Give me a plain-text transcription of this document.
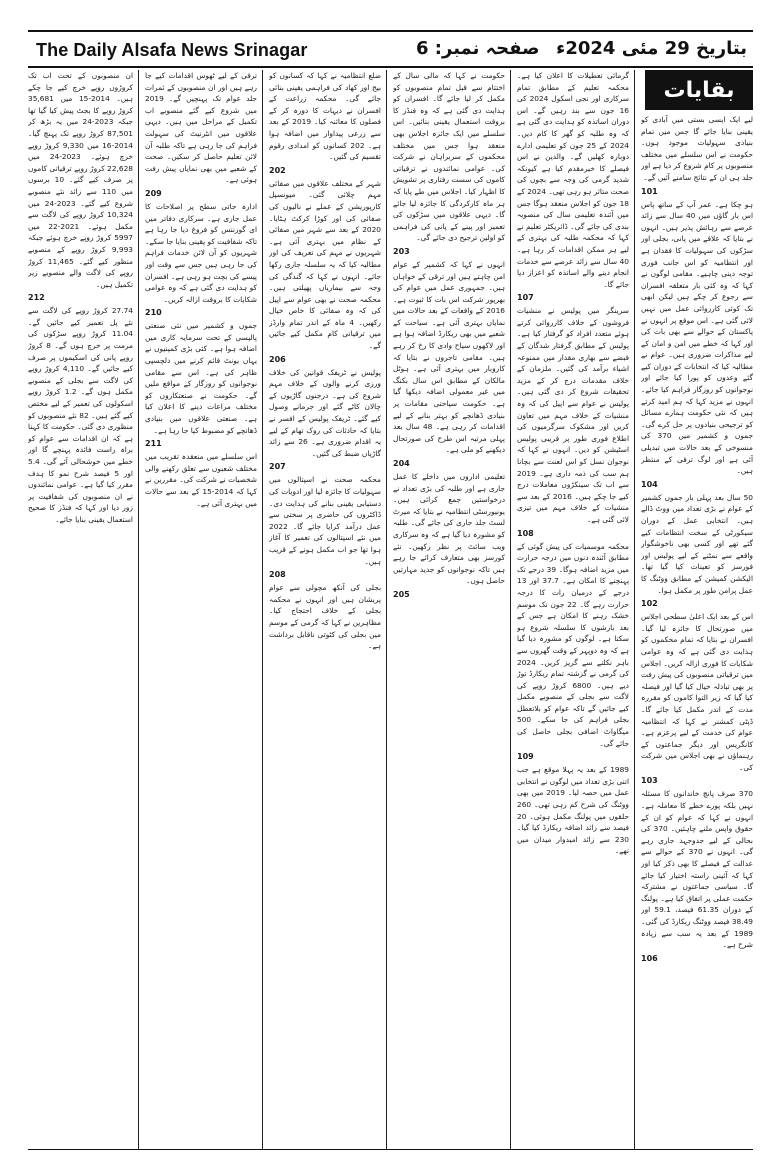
The Daily Alsafa News Srinagar	صفحہ نمبر: 6 بتاریخ 29 مئی 2024ء

لیے ایک ایسی بستی میں آبادی کو یقینی بنایا جائے گا جس میں تمام بنیادی سہولیات موجود ہوں۔ حکومت نے اس سلسلے میں مختلف منصوبوں پر کام شروع کر دیا ہے اور جلد ہی ان کے نتائج سامنے آئیں گے۔

101

ہو چکا ہے۔ عمر آپ کے ساتھ پاس اس بار گاؤں میں 40 سال سے زائد عرصے سے رہائش پذیر ہیں۔ انہوں نے بتایا کہ علاقے میں پانی، بجلی اور سڑکوں کی سہولیات کا فقدان ہے اور انتظامیہ کو اس جانب فوری توجہ دینی چاہیے۔ مقامی لوگوں نے کہا کہ وہ کئی بار متعلقہ افسران سے رجوع کر چکے ہیں لیکن ابھی تک کوئی کارروائی عمل میں نہیں لائی گئی ہے۔ اس موقع پر انہوں نے پاکستان کے حوالے سے بھی بات کی اور کہا کہ خطے میں امن و امان کے لیے مذاکرات ضروری ہیں۔ عوام نے مطالبہ کیا کہ انتخابات کے دوران کیے گئے وعدوں کو پورا کیا جائے اور نوجوانوں کو روزگار فراہم کیا جائے۔ انہوں نے مزید کہا کہ ہم امید کرتے ہیں کہ نئی حکومت ہمارے مسائل کو ترجیحی بنیادوں پر حل کرے گی۔ جموں و کشمیر میں 370 کی منسوخی کے بعد حالات میں تبدیلی آئی ہے اور لوگ ترقی کے منتظر ہیں۔

104

50 سال بعد پہلی بار جموں کشمیر کے عوام نے بڑی تعداد میں ووٹ ڈالے ہیں۔ انتخابی عمل کے دوران سیکورٹی کے سخت انتظامات کیے گئے تھے اور کسی بھی ناخوشگوار واقعے سے نمٹنے کے لیے پولیس اور فورسز کو تعینات کیا گیا تھا۔ الیکشن کمیشن کے مطابق ووٹنگ کا عمل پرامن طور پر مکمل ہوا۔

102

اس کے بعد ایک اعلیٰ سطحی اجلاس میں صورتحال کا جائزہ لیا گیا۔ افسران نے بتایا کہ تمام محکموں کو ہدایت دی گئی ہے کہ وہ عوامی شکایات کا فوری ازالہ کریں۔ اجلاس میں ترقیاتی منصوبوں کی پیش رفت پر بھی تبادلہ خیال کیا گیا اور فیصلہ کیا گیا کہ زیر التوا کاموں کو مقررہ مدت کے اندر مکمل کیا جائے گا۔ ڈپٹی کمشنر نے کہا کہ انتظامیہ عوام کی خدمت کے لیے پرعزم ہے۔ کانگریس اور دیگر جماعتوں کے رہنماؤں نے بھی اجلاس میں شرکت کی۔

103

370 صرف پانچ خاندانوں کا مسئلہ نہیں بلکہ پورے خطے کا معاملہ ہے۔ انہوں نے کہا کہ عوام کو ان کے حقوق واپس ملنے چاہئیں۔ 370 کی بحالی کے لیے جدوجہد جاری رہے گی۔ انہوں نے 370 کے حوالے سے عدالت کے فیصلے کا بھی ذکر کیا اور کہا کہ آئینی راستہ اختیار کیا جائے گا۔ سیاسی جماعتوں نے مشترکہ حکمت عملی پر اتفاق کیا ہے۔ پولنگ کے دوران 61.35 فیصد، 59.1 اور 38.49 فیصد ووٹنگ ریکارڈ کی گئی۔ 1989 کے بعد یہ سب سے زیادہ شرح ہے۔

106

گرمائی تعطیلات کا اعلان کیا ہے۔ محکمہ تعلیم کے مطابق تمام سرکاری اور نجی اسکول 2024 کی 16 جون سے بند رہیں گے۔ اس دوران اساتذہ کو ہدایت دی گئی ہے کہ وہ طلبہ کو گھر کا کام دیں۔ 2024 کے 25 جون کو تعلیمی ادارے دوبارہ کھلیں گے۔ والدین نے اس فیصلے کا خیرمقدم کیا ہے کیونکہ شدید گرمی کی وجہ سے بچوں کی صحت متاثر ہو رہی تھی۔ 2024 کے 18 جون کو اجلاس منعقد ہوگا جس میں آئندہ تعلیمی سال کی منصوبہ بندی کی جائے گی۔ ڈائریکٹر تعلیم نے کہا کہ محکمہ طلبہ کی بہتری کے لیے ہر ممکن اقدامات کر رہا ہے۔ 40 سال سے زائد عرصے سے خدمات انجام دینے والے اساتذہ کو اعزاز دیا جائے گا۔

107

سرینگر میں پولیس نے منشیات فروشوں کے خلاف کارروائی کرتے ہوئے متعدد افراد کو گرفتار کیا ہے۔ پولیس کے مطابق گرفتار شدگان کے قبضے سے بھاری مقدار میں ممنوعہ اشیاء برآمد کی گئیں۔ ملزمان کے خلاف مقدمات درج کر کے مزید تحقیقات شروع کر دی گئی ہیں۔ پولیس نے عوام سے اپیل کی کہ وہ منشیات کے خلاف مہم میں تعاون کریں اور مشکوک سرگرمیوں کی اطلاع فوری طور پر قریبی پولیس اسٹیشن کو دیں۔ انہوں نے کہا کہ نوجوان نسل کو اس لعنت سے بچانا ہم سب کی ذمہ داری ہے۔ 2019 سے اب تک سینکڑوں معاملات درج کیے جا چکے ہیں۔ 2016 کے بعد سے منشیات کے خلاف مہم میں تیزی لائی گئی ہے۔

108

محکمہ موسمیات کی پیش گوئی کے مطابق آئندہ دنوں میں درجہ حرارت میں مزید اضافہ ہوگا۔ 39 درجے تک پہنچنے کا امکان ہے۔ 37.7 اور 13 درجے کے درمیان رات کا درجہ حرارت رہے گا۔ 22 جون تک موسم خشک رہنے کا امکان ہے جس کے بعد بارشوں کا سلسلہ شروع ہو سکتا ہے۔ لوگوں کو مشورہ دیا گیا ہے کہ وہ دوپہر کے وقت گھروں سے باہر نکلنے سے گریز کریں۔ 2024 کی گرمی نے گزشتہ تمام ریکارڈ توڑ دیے ہیں۔ 6800 کروڑ روپے کی لاگت سے بجلی کے منصوبے مکمل کیے جائیں گے تاکہ عوام کو بلاتعطل بجلی فراہم کی جا سکے۔ 500 میگاواٹ اضافی بجلی حاصل کی جائے گی۔

109

1989 کے بعد یہ پہلا موقع ہے جب اتنی بڑی تعداد میں لوگوں نے انتخابی عمل میں حصہ لیا۔ 2019 میں بھی ووٹنگ کی شرح کم رہی تھی۔ 260 حلقوں میں پولنگ مکمل ہوئی۔ 20 فیصد سے زائد اضافہ ریکارڈ کیا گیا۔ 230 سے زائد امیدوار میدان میں تھے۔

حکومت نے کہا کہ مالی سال کے اختتام سے قبل تمام منصوبوں کو مکمل کر لیا جائے گا۔ افسران کو ہدایت دی گئی ہے کہ وہ فنڈز کا بروقت استعمال یقینی بنائیں۔ اس سلسلے میں ایک جائزہ اجلاس بھی منعقد ہوا جس میں مختلف محکموں کے سربراہان نے شرکت کی۔ عوامی نمائندوں نے ترقیاتی کاموں کی سست رفتاری پر تشویش کا اظہار کیا۔ اجلاس میں طے پایا کہ ہر ماہ کارکردگی کا جائزہ لیا جائے گا۔ دیہی علاقوں میں سڑکوں کی تعمیر اور پینے کے پانی کی فراہمی کو اولین ترجیح دی جائے گی۔

203

انہوں نے کہا کہ کشمیر کے عوام امن چاہتے ہیں اور ترقی کے خواہاں ہیں۔ جمہوری عمل میں عوام کی بھرپور شرکت اس بات کا ثبوت ہے۔ 2016 کے واقعات کے بعد حالات میں نمایاں بہتری آئی ہے۔ سیاحت کے شعبے میں بھی ریکارڈ اضافہ ہوا ہے اور لاکھوں سیاح وادی کا رخ کر رہے ہیں۔ مقامی تاجروں نے بتایا کہ کاروبار میں بہتری آئی ہے۔ ہوٹل مالکان کے مطابق اس سال بکنگ میں غیر معمولی اضافہ دیکھا گیا ہے۔ حکومت سیاحتی مقامات پر بنیادی ڈھانچے کو بہتر بنانے کے لیے اقدامات کر رہی ہے۔ 48 سال بعد پہلی مرتبہ اس طرح کی صورتحال دیکھنے کو ملی ہے۔

204

تعلیمی اداروں میں داخلے کا عمل جاری ہے اور طلبہ کی بڑی تعداد نے درخواستیں جمع کرائی ہیں۔ یونیورسٹی انتظامیہ نے بتایا کہ میرٹ لسٹ جلد جاری کی جائے گی۔ طلبہ کو مشورہ دیا گیا ہے کہ وہ سرکاری ویب سائٹ پر نظر رکھیں۔ نئے کورسز بھی متعارف کرائے جا رہے ہیں تاکہ نوجوانوں کو جدید مہارتیں حاصل ہوں۔

205

ضلع انتظامیہ نے کہا کہ کسانوں کو بیج اور کھاد کی فراہمی یقینی بنائی جائے گی۔ محکمہ زراعت کے افسران نے دیہات کا دورہ کر کے فصلوں کا معائنہ کیا۔ 2019 کے بعد سے زرعی پیداوار میں اضافہ ہوا ہے۔ 202 کسانوں کو امدادی رقوم تقسیم کی گئیں۔

202

شہر کے مختلف علاقوں میں صفائی مہم چلائی گئی۔ میونسپل کارپوریشن کے عملے نے نالیوں کی صفائی کی اور کوڑا کرکٹ ہٹایا۔ 2020 کے بعد سے شہر میں صفائی کے نظام میں بہتری آئی ہے۔ شہریوں نے مہم کی تعریف کی اور مطالبہ کیا کہ یہ سلسلہ جاری رکھا جائے۔ انہوں نے کہا کہ گندگی کی وجہ سے بیماریاں پھیلتی ہیں۔ محکمہ صحت نے بھی عوام سے اپیل کی کہ وہ صفائی کا خاص خیال رکھیں۔ 4 ماہ کے اندر تمام وارڈز میں ترقیاتی کام مکمل کیے جائیں گے۔

206

پولیس نے ٹریفک قوانین کی خلاف ورزی کرنے والوں کے خلاف مہم شروع کی ہے۔ درجنوں گاڑیوں کے چالان کاٹے گئے اور جرمانے وصول کیے گئے۔ ٹریفک پولیس کے افسر نے بتایا کہ حادثات کی روک تھام کے لیے یہ اقدام ضروری ہے۔ 26 سے زائد گاڑیاں ضبط کی گئیں۔

207

محکمہ صحت نے اسپتالوں میں سہولیات کا جائزہ لیا اور ادویات کی دستیابی یقینی بنانے کی ہدایت دی۔ ڈاکٹروں کی حاضری پر سختی سے عمل درآمد کرایا جائے گا۔ 2022 میں نئے اسپتالوں کی تعمیر کا آغاز ہوا تھا جو اب مکمل ہونے کے قریب ہیں۔

208

بجلی کی آنکھ مچولی سے عوام پریشان ہیں اور انہوں نے محکمہ بجلی کے خلاف احتجاج کیا۔ مظاہرین نے کہا کہ گرمی کے موسم میں بجلی کی کٹوتی ناقابل برداشت ہے۔

ترقی کے لیے ٹھوس اقدامات کیے جا رہے ہیں اور ان منصوبوں کے ثمرات جلد عوام تک پہنچیں گے۔ 2019 میں شروع کیے گئے منصوبے اب تکمیل کے مراحل میں ہیں۔ دیہی علاقوں میں انٹرنیٹ کی سہولت فراہم کی جا رہی ہے تاکہ طلبہ آن لائن تعلیم حاصل کر سکیں۔ صحت کے شعبے میں بھی نمایاں پیش رفت ہوئی ہے۔

209

ادارہ جاتی سطح پر اصلاحات کا عمل جاری ہے۔ سرکاری دفاتر میں ای گورننس کو فروغ دیا جا رہا ہے تاکہ شفافیت کو یقینی بنایا جا سکے۔ شہریوں کو آن لائن خدمات فراہم کی جا رہی ہیں جس سے وقت اور پیسے کی بچت ہو رہی ہے۔ افسران کو ہدایت دی گئی ہے کہ وہ عوامی شکایات کا بروقت ازالہ کریں۔

210

جموں و کشمیر میں نئی صنعتی پالیسی کے تحت سرمایہ کاری میں اضافہ ہوا ہے۔ کئی بڑی کمپنیوں نے یہاں یونٹ قائم کرنے میں دلچسپی ظاہر کی ہے۔ اس سے مقامی نوجوانوں کو روزگار کے مواقع ملیں گے۔ حکومت نے صنعتکاروں کو مختلف مراعات دینے کا اعلان کیا ہے۔ صنعتی علاقوں میں بنیادی ڈھانچے کو مضبوط کیا جا رہا ہے۔

211

اس سلسلے میں منعقدہ تقریب میں مختلف شعبوں سے تعلق رکھنے والی شخصیات نے شرکت کی۔ مقررین نے کہا کہ 2014-15 کے بعد سے حالات میں بہتری آئی ہے۔

ان منصوبوں کے تحت اب تک کروڑوں روپے خرچ کیے جا چکے ہیں۔ 2014-15 میں 35,681 کروڑ روپے کا بجٹ پیش کیا گیا تھا جبکہ 2023-24 میں یہ بڑھ کر 87,501 کروڑ روپے تک پہنچ گیا۔ 2014-16 میں 9,330 کروڑ روپے خرچ ہوئے۔ 2023-24 میں 22,628 کروڑ روپے ترقیاتی کاموں پر صرف کیے گئے۔ 10 برسوں میں 110 سے زائد نئے منصوبے شروع کیے گئے۔ 2023-24 میں 10,324 کروڑ روپے کی لاگت سے مکمل ہوئے۔ 2021-22 میں 5997 کروڑ روپے خرچ ہوئے جبکہ 9,993 کروڑ روپے کے منصوبے منظور کیے گئے۔ 11,465 کروڑ روپے کی لاگت والے منصوبے زیر تکمیل ہیں۔

212

27.74 کروڑ روپے کی لاگت سے نئے پل تعمیر کیے جائیں گے۔ 11.04 کروڑ روپے سڑکوں کی مرمت پر خرچ ہوں گے۔ 8 کروڑ روپے پانی کی اسکیموں پر صرف کیے جائیں گے۔ 4,110 کروڑ روپے کی لاگت سے بجلی کے منصوبے مکمل ہوں گے۔ 1.2 کروڑ روپے اسکولوں کی تعمیر کے لیے مختص کیے گئے ہیں۔ 82 نئے منصوبوں کو منظوری دی گئی۔ حکومت کا کہنا ہے کہ ان اقدامات سے عوام کو براہ راست فائدہ پہنچے گا اور خطے میں خوشحالی آئے گی۔ 5.4 اور 5 فیصد شرح نمو کا ہدف مقرر کیا گیا ہے۔ عوامی نمائندوں نے ان منصوبوں کی شفافیت پر زور دیا اور کہا کہ فنڈز کا صحیح استعمال یقینی بنایا جائے۔

بقایات
